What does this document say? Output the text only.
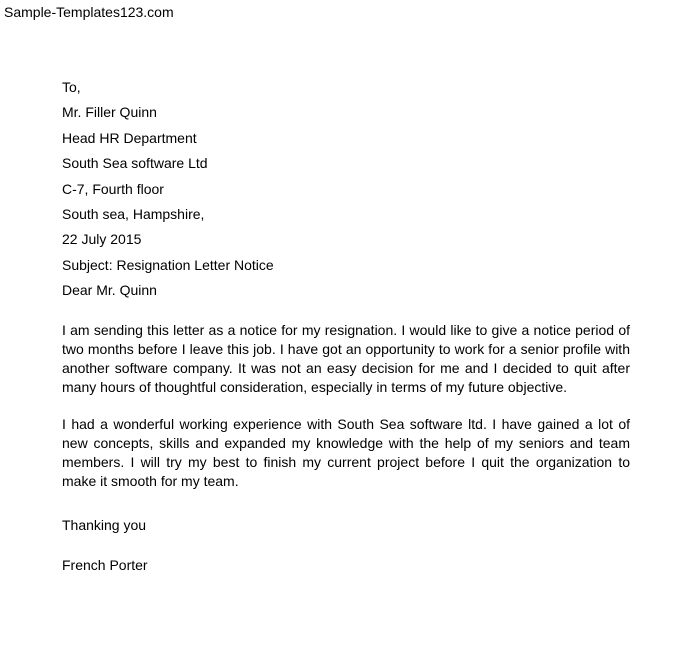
Sample-Templates123.com
To,
Mr. Filler Quinn
Head HR Department
South Sea software Ltd
C-7, Fourth floor
South sea, Hampshire,
22 July 2015
Subject: Resignation Letter Notice
Dear Mr. Quinn

I am sending this letter as a notice for my resignation. I would like to give a notice period of two months before I leave this job. I have got an opportunity to work for a senior profile with another software company. It was not an easy decision for me and I decided to quit after many hours of thoughtful consideration, especially in terms of my future objective.

I had a wonderful working experience with South Sea software ltd. I have gained a lot of new concepts, skills and expanded my knowledge with the help of my seniors and team members. I will try my best to finish my current project before I quit the organization to make it smooth for my team.

Thanking you
French Porter
